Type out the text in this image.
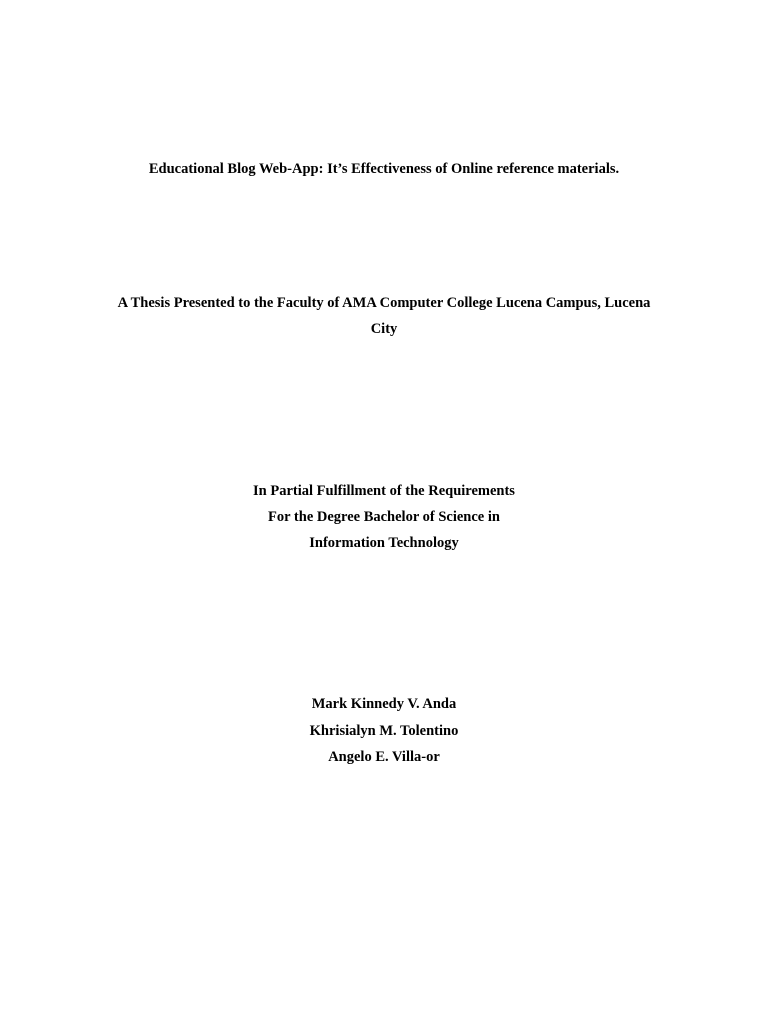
Educational Blog Web-App: It’s Effectiveness of Online reference materials.
A Thesis Presented to the Faculty of AMA Computer College Lucena Campus, Lucena
City
In Partial Fulfillment of the Requirements
For the Degree Bachelor of Science in
Information Technology
Mark Kinnedy V. Anda
Khrisialyn M. Tolentino
Angelo E. Villa-or
